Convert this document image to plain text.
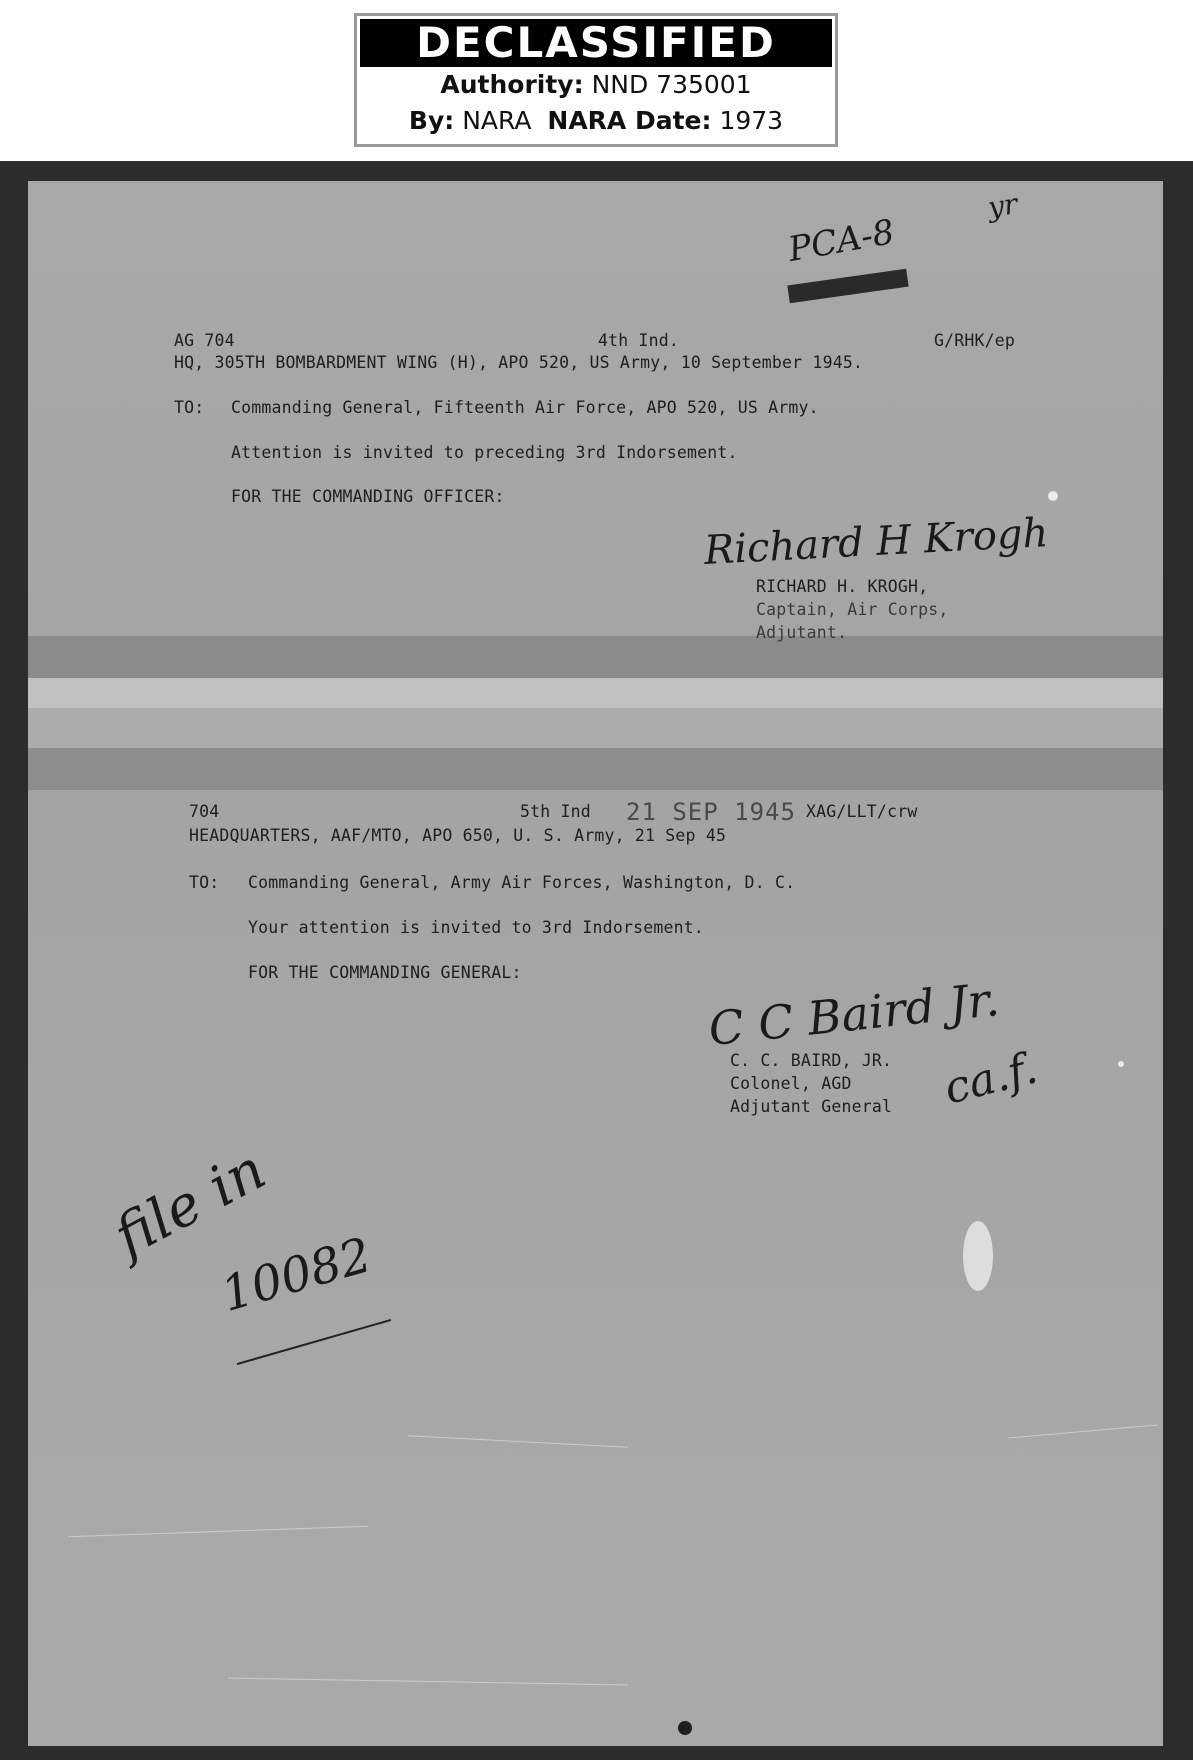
DECLASSIFIED
Authority: NND 735001
By: NARA NARA Date: 1973
PCA-8
yr
AG 704	4th Ind.	G/RHK/ep
HQ, 305TH BOMBARDMENT WING (H), APO 520, US Army, 10 September 1945.
TO: Commanding General, Fifteenth Air Force, APO 520, US Army.
Attention is invited to preceding 3rd Indorsement.
FOR THE COMMANDING OFFICER:
Richard H Krogh
RICHARD H. KROGH,
Captain, Air Corps,
Adjutant.
704	5th Ind 21 SEP 1945 XAG/LLT/crw
HEADQUARTERS, AAF/MTO, APO 650, U. S. Army, 21 Sep 45
TO: Commanding General, Army Air Forces, Washington, D. C.
Your attention is invited to 3rd Indorsement.
FOR THE COMMANDING GENERAL:	C C Baird Jr.
C. C. BAIRD, JR.
Colonel, AGD
Adjutant General ca.f.
file in
10082
